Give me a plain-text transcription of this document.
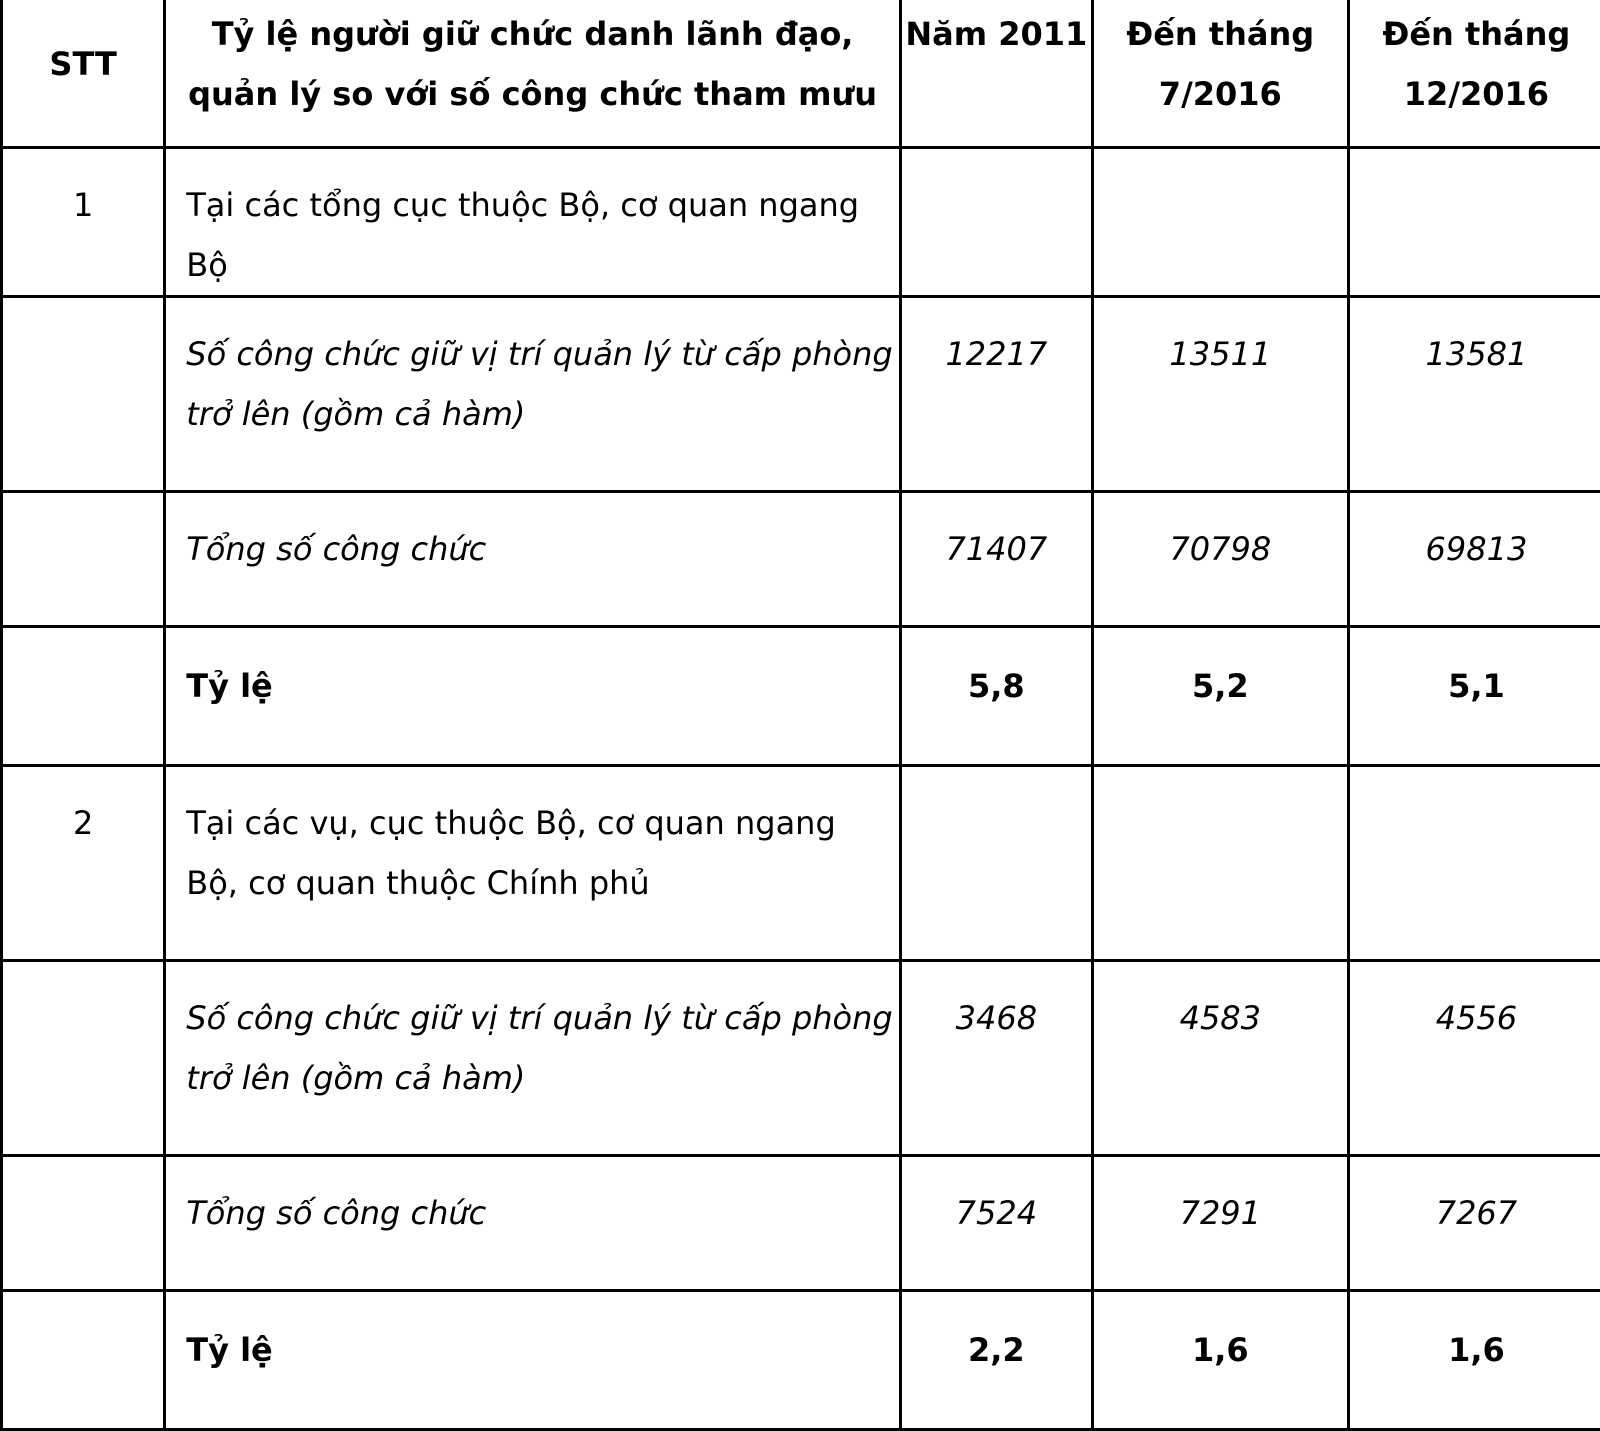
STT	Tỷ lệ người giữ chức danh lãnh đạo, quản lý so với số công chức tham mưu	Năm 2011	Đến tháng 7/2016	Đến tháng 12/2016
1	Tại các tổng cục thuộc Bộ, cơ quan ngang Bộ			
	Số công chức giữ vị trí quản lý từ cấp phòng trở lên (gồm cả hàm)	12217	13511	13581
	Tổng số công chức	71407	70798	69813
	Tỷ lệ	5,8	5,2	5,1
2	Tại các vụ, cục thuộc Bộ, cơ quan ngang Bộ, cơ quan thuộc Chính phủ			
	Số công chức giữ vị trí quản lý từ cấp phòng trở lên (gồm cả hàm)	3468	4583	4556
	Tổng số công chức	7524	7291	7267
	Tỷ lệ	2,2	1,6	1,6
